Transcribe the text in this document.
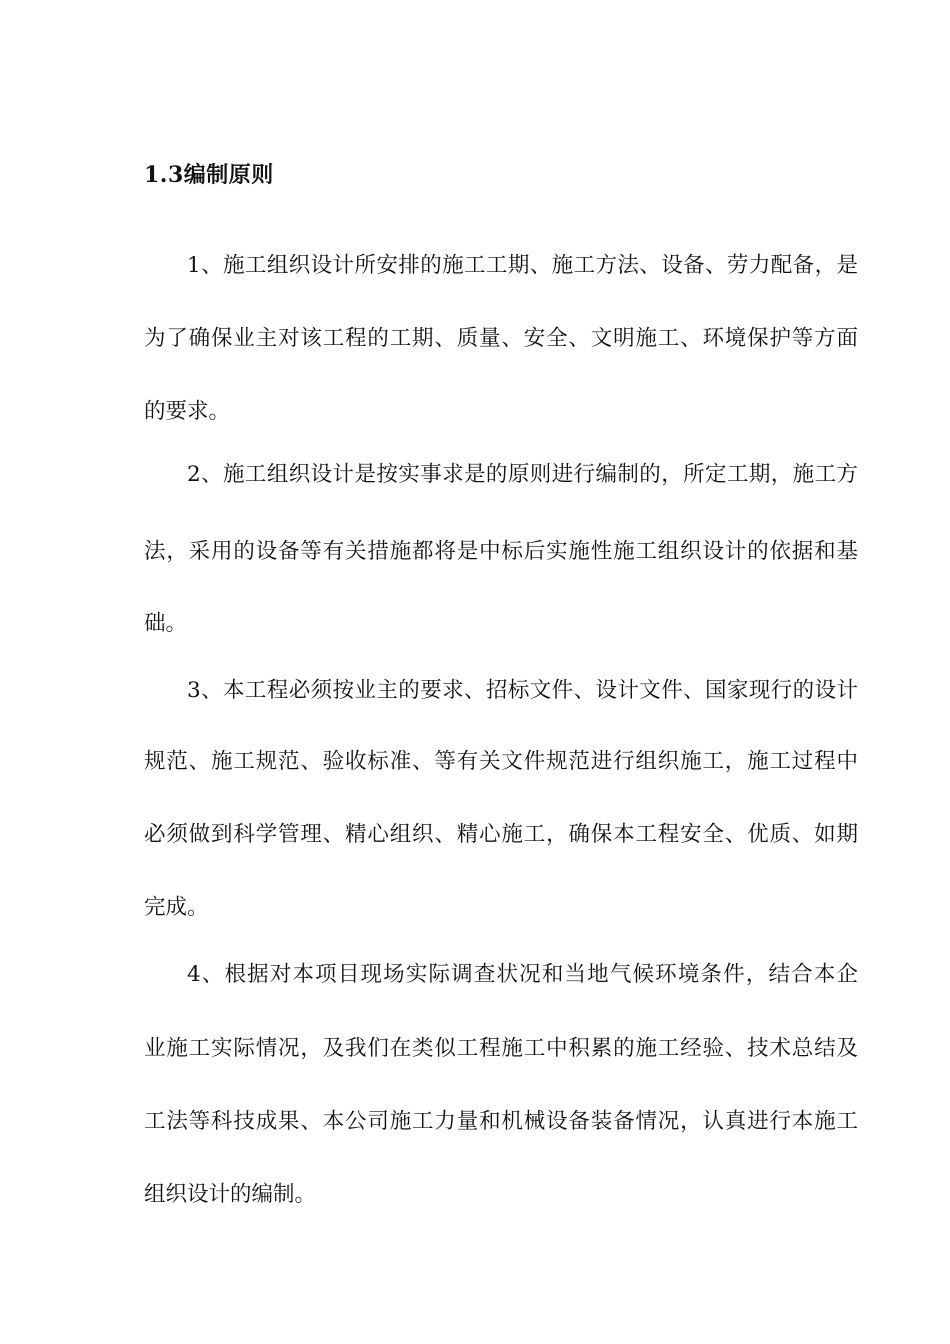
1.3编制原则
1、施工组织设计所安排的施工工期、施工方法、设备、劳力配备，是
为了确保业主对该工程的工期、质量、安全、文明施工、环境保护等方面
的要求。
2、施工组织设计是按实事求是的原则进行编制的，所定工期，施工方
法，采用的设备等有关措施都将是中标后实施性施工组织设计的依据和基
础。
3、本工程必须按业主的要求、招标文件、设计文件、国家现行的设计
规范、施工规范、验收标准、等有关文件规范进行组织施工，施工过程中
必须做到科学管理、精心组织、精心施工，确保本工程安全、优质、如期
完成。
4、根据对本项目现场实际调查状况和当地气候环境条件，结合本企
业施工实际情况，及我们在类似工程施工中积累的施工经验、技术总结及
工法等科技成果、本公司施工力量和机械设备装备情况，认真进行本施工
组织设计的编制。
